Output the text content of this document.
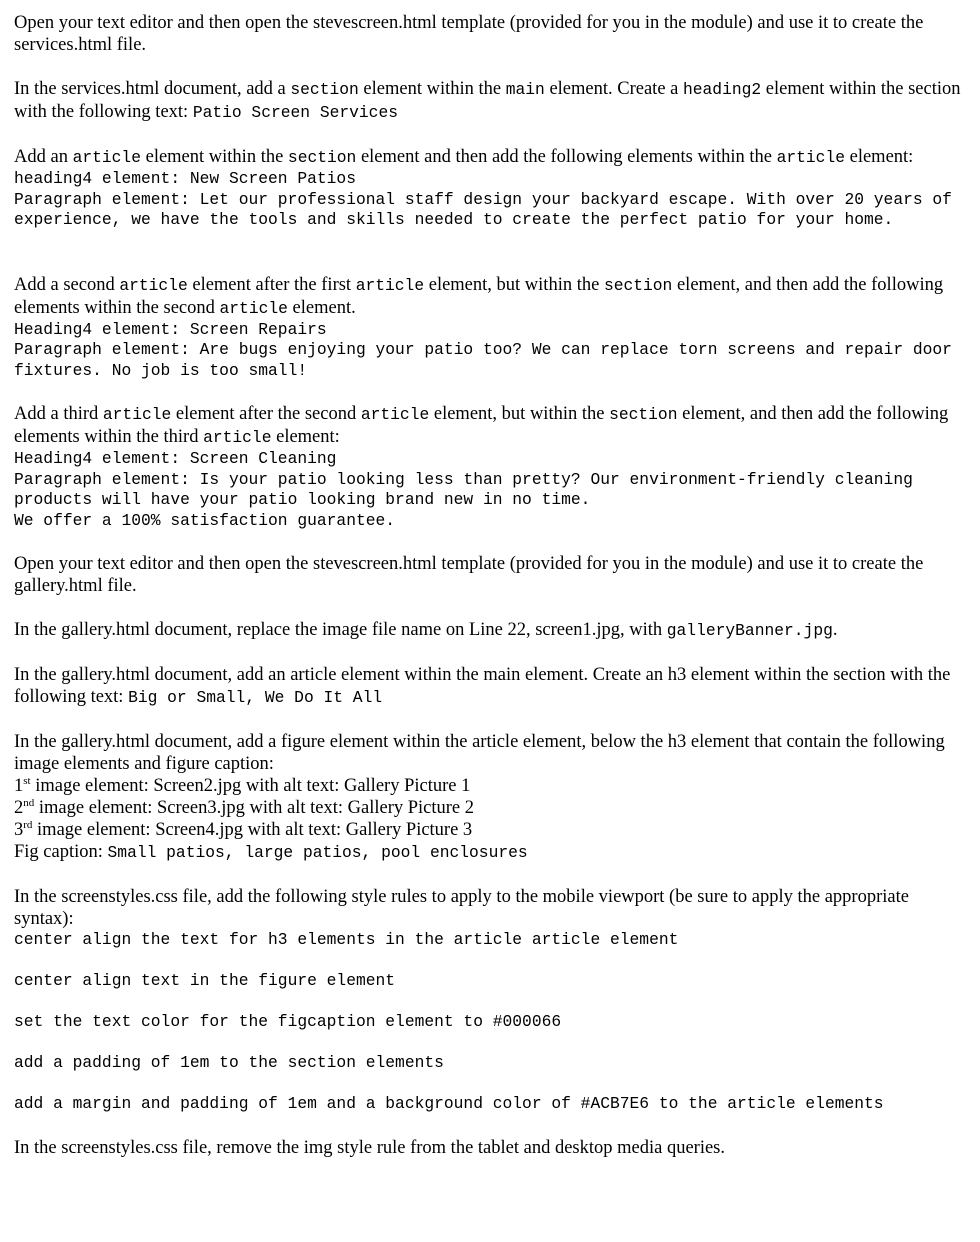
Open your text editor and then open the stevescreen.html template (provided for you in the module) and use it to create the services.html file.
In the services.html document, add a section element within the main element. Create a heading2 element within the section with the following text: Patio Screen Services
Add an article element within the section element and then add the following elements within the article element:
heading4 element: New Screen Patios
Paragraph element: Let our professional staff design your backyard escape. With over 20 years of experience, we have the tools and skills needed to create the perfect patio for your home.
Add a second article element after the first article element, but within the section element, and then add the following elements within the second article element.
Heading4 element: Screen Repairs
Paragraph element: Are bugs enjoying your patio too? We can replace torn screens and repair door fixtures. No job is too small!
Add a third article element after the second article element, but within the section element, and then add the following elements within the third article element:
Heading4 element: Screen Cleaning
Paragraph element: Is your patio looking less than pretty? Our environment-friendly cleaning products will have your patio looking brand new in no time.
We offer a 100% satisfaction guarantee.
Open your text editor and then open the stevescreen.html template (provided for you in the module) and use it to create the gallery.html file.
In the gallery.html document, replace the image file name on Line 22, screen1.jpg, with galleryBanner.jpg.
In the gallery.html document, add an article element within the main element. Create an h3 element within the section with the following text: Big or Small, We Do It All
In the gallery.html document, add a figure element within the article element, below the h3 element that contain the following image elements and figure caption:
1st image element: Screen2.jpg with alt text: Gallery Picture 1
2nd image element: Screen3.jpg with alt text: Gallery Picture 2
3rd image element: Screen4.jpg with alt text: Gallery Picture 3
Fig caption: Small patios, large patios, pool enclosures
In the screenstyles.css file, add the following style rules to apply to the mobile viewport (be sure to apply the appropriate syntax):
center align the text for h3 elements in the article article element
center align text in the figure element
set the text color for the figcaption element to #000066
add a padding of 1em to the section elements
add a margin and padding of 1em and a background color of #ACB7E6 to the article elements
In the screenstyles.css file, remove the img style rule from the tablet and desktop media queries.
